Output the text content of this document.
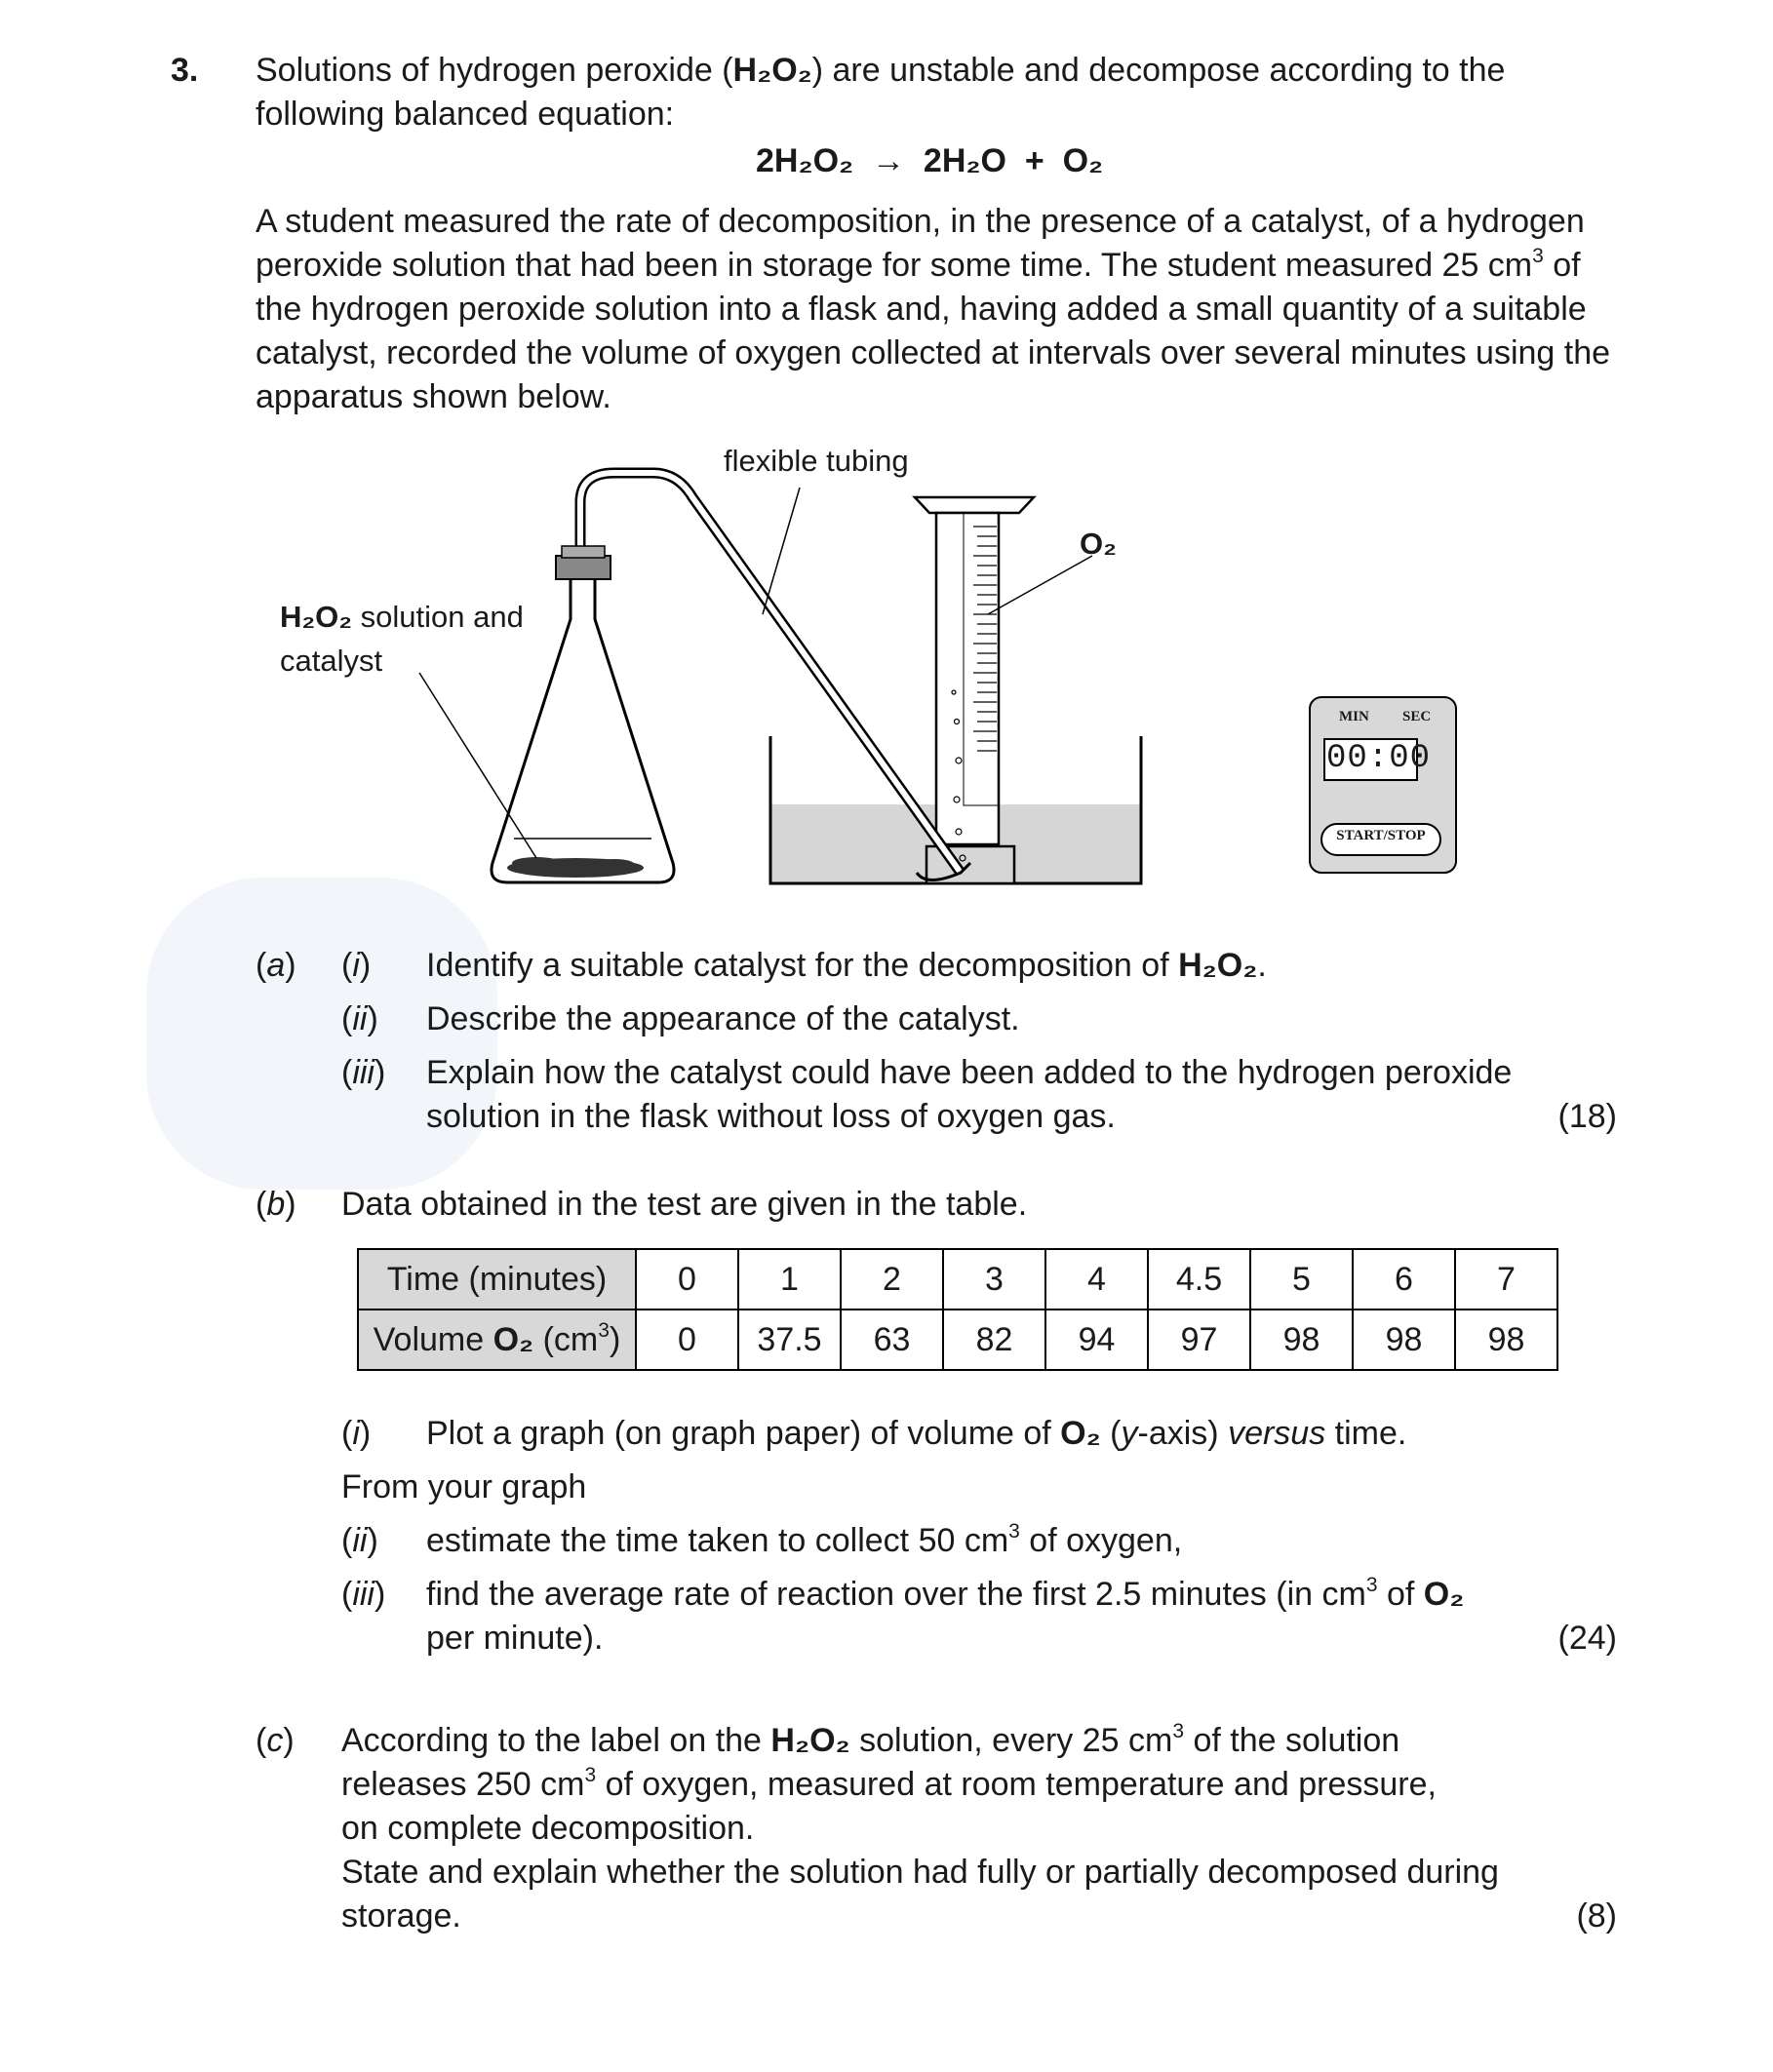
3. Solutions of hydrogen peroxide (H₂O₂) are unstable and decompose according to the
following balanced equation:
2H₂O₂  →  2H₂O  +  O₂
A student measured the rate of decomposition, in the presence of a catalyst, of a hydrogen
peroxide solution that had been in storage for some time. The student measured 25 $cm^3$ of
the hydrogen peroxide solution into a flask and, having added a small quantity of a suitable
catalyst, recorded the volume of oxygen collected at intervals over several minutes using the
apparatus shown below.
flexible tubing
O₂
H₂O₂ solution and
catalyst
MIN SEC
00:00
START/STOP
(a) (i) Identify a suitable catalyst for the decomposition of H₂O₂.
(ii) Describe the appearance of the catalyst.
(iii) Explain how the catalyst could have been added to the hydrogen peroxide
solution in the flask without loss of oxygen gas.	(18)
(b) Data obtained in the test are given in the table.
Time (minutes)	0	1	2	3	4	4.5	5	6	7
Volume O₂ $(cm^3)$	0	37.5	63	82	94	97	98	98	98
(i) Plot a graph (on graph paper) of volume of O₂ (y-axis) versus time.
From your graph
(ii) estimate the time taken to collect 50 $cm^3$ of oxygen,
(iii) find the average rate of reaction over the first 2.5 minutes (in $cm^3$ of O₂
per minute).	(24)
(c) According to the label on the H₂O₂ solution, every 25 $cm^3$ of the solution
releases 250 $cm^3$ of oxygen, measured at room temperature and pressure,
on complete decomposition.
State and explain whether the solution had fully or partially decomposed during
storage.	(8)
